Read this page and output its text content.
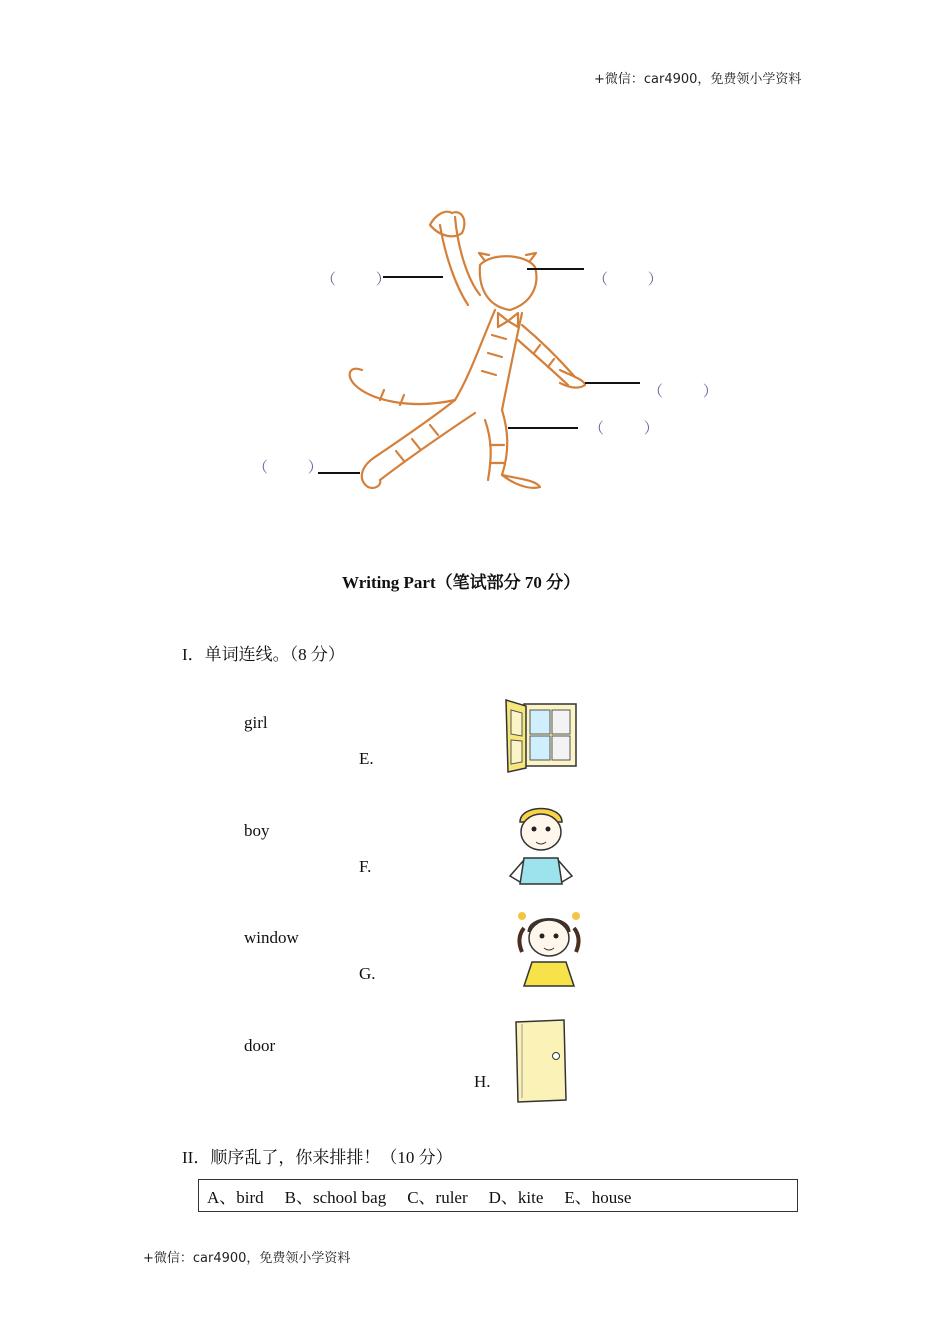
+微信：car4900，免费领小学资料
（ ）	（ ）
（ ）
（ ）
（ ）
Writing Part（笔试部分 70 分）
I．单词连线。（8 分）
girl
E.
boy
F.
window
G.
door
H.
II．顺序乱了，你来排排！（10 分）
A、bird B、school bag C、ruler D、kite E、house
+微信：car4900，免费领小学资料
